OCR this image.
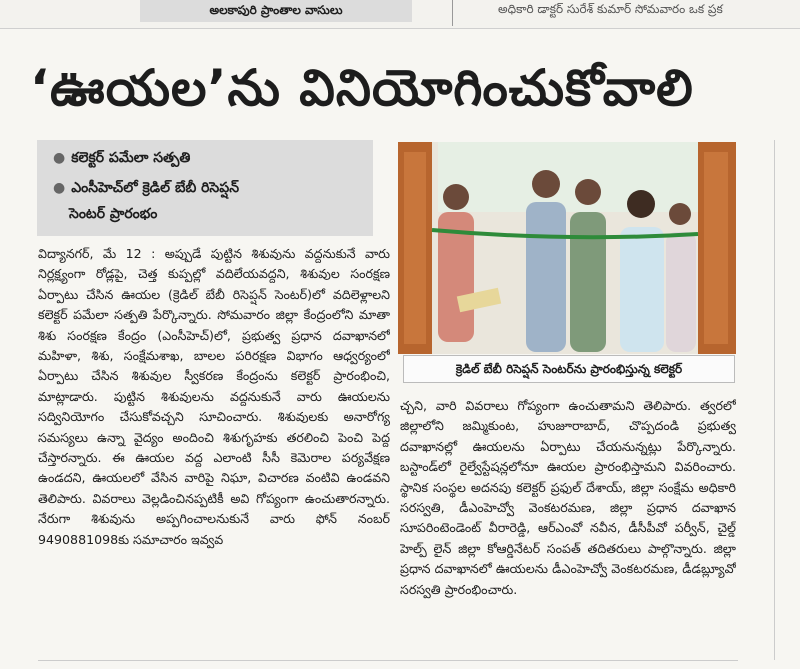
అలకాపురి ప్రాంతాల వాసులు	అధికారి డాక్టర్ సురేశ్ కుమార్ సోమవారం ఒక ప్రక
‘ఊయల’ను వినియోగించుకోవాలి
● కలెక్టర్ పమేలా సత్పతి
● ఎంసీహెచ్‌లో క్రెడిల్ బేబీ రిసెప్షన్
సెంటర్ ప్రారంభం
క్రెడిల్ బేబీ రిసెప్షన్ సెంటర్‌ను ప్రారంభిస్తున్న కలెక్టర్
విద్యానగర్, మే 12 : అప్పుడే పుట్టిన శిశువును వద్దనుకునే వారు నిర్లక్ష్యంగా రోడ్లపై, చెత్త కుప్పల్లో వదిలేయవద్దని, శిశువుల సంరక్షణ ఏర్పాటు చేసిన ఊయల (క్రెడిల్ బేబీ రిసెప్షన్ సెంటర్)లో వదిలెళ్లాలని కలెక్టర్ పమేలా సత్పతి పేర్కొన్నారు. సోమవారం జిల్లా కేంద్రంలోని మాతా శిశు సంరక్షణ కేంద్రం (ఎంసీహెచ్)లో, ప్రభుత్వ ప్రధాన దవాఖానలో మహిళా, శిశు, సంక్షేమశాఖ, బాలల పరిరక్షణ విభాగం ఆధ్వర్యంలో ఏర్పాటు చేసిన శిశువుల స్వీకరణ కేంద్రంను కలెక్టర్ ప్రారంభించి, మాట్లాడారు. పుట్టిన శిశువులను వద్దనుకునే వారు ఊయలను సద్వినియోగం చేసుకోవచ్చని సూచించారు. శిశువులకు అనారోగ్య సమస్యలు ఉన్నా వైద్యం అందించి శిశుగృహకు తరలించి పెంచి పెద్ద చేస్తారన్నారు. ఈ ఊయల వద్ద ఎలాంటి సీసీ కెమెరాల పర్యవేక్షణ ఉండదని, ఊయలలో వేసిన వారిపై నిఘా, విచారణ వంటివి ఉండవని తెలిపారు. వివరాలు వెల్లడించినప్పటికీ అవి గోప్యంగా ఉంచుతారన్నారు. నేరుగా శిశువును అప్పగించాలనుకునే వారు ఫోన్ నంబర్ 9490881098కు సమాచారం ఇవ్వవ
చ్చని, వారి వివరాలు గోప్యంగా ఉంచుతామని తెలిపారు. త్వరలో జిల్లాలోని జమ్మికుంట, హుజూరాబాద్, చొప్పదండి ప్రభుత్వ దవాఖానల్లో ఊయలను ఏర్పాటు చేయనున్నట్లు పేర్కొన్నారు. బస్టాండ్‌లో రైల్వేస్టేషన్లలోనూ ఊయల ప్రారంభిస్తామని వివరించారు. స్థానిక సంస్థల అదనపు కలెక్టర్ ప్రఫుల్ దేశాయ్, జిల్లా సంక్షేమ అధికారి సరస్వతి, డీఎంహెచ్వో వెంకటరమణ, జిల్లా ప్రధాన దవాఖాన సూపరింటెండెంట్ వీరారెడ్డి, ఆర్‌ఎంవో నవీన, డీసీపీవో పర్వీన్, చైల్డ్ హెల్ప్ లైన్ జిల్లా కోఆర్డినేటర్ సంపత్ తదితరులు పాల్గొన్నారు. జిల్లా ప్రధాన దవాఖానలో ఊయలను డీఎంహెచ్వో వెంకటరమణ, డీడబ్ల్యూవో సరస్వతి ప్రారంభించారు.
